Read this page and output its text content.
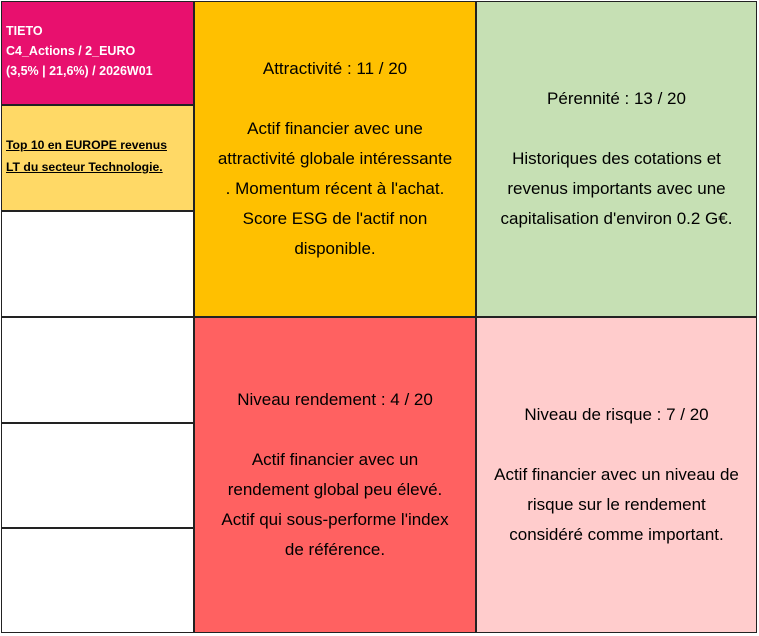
TIETO
C4_Actions / 2_EURO
(3,5% | 21,6%) / 2026W01
Top 10 en EUROPE revenus
LT du secteur Technologie.
Attractivité : 11 / 20
Actif financier avec une
attractivité globale intéressante
. Momentum récent à l'achat.
Score ESG de l'actif non
disponible.
Pérennité : 13 / 20
Historiques des cotations et
revenus importants avec une
capitalisation d'environ 0.2 G€.
Niveau rendement : 4 / 20
Actif financier avec un
rendement global peu élevé.
Actif qui sous-performe l'index
de référence.
Niveau de risque : 7 / 20
Actif financier avec un niveau de
risque sur le rendement
considéré comme important.
